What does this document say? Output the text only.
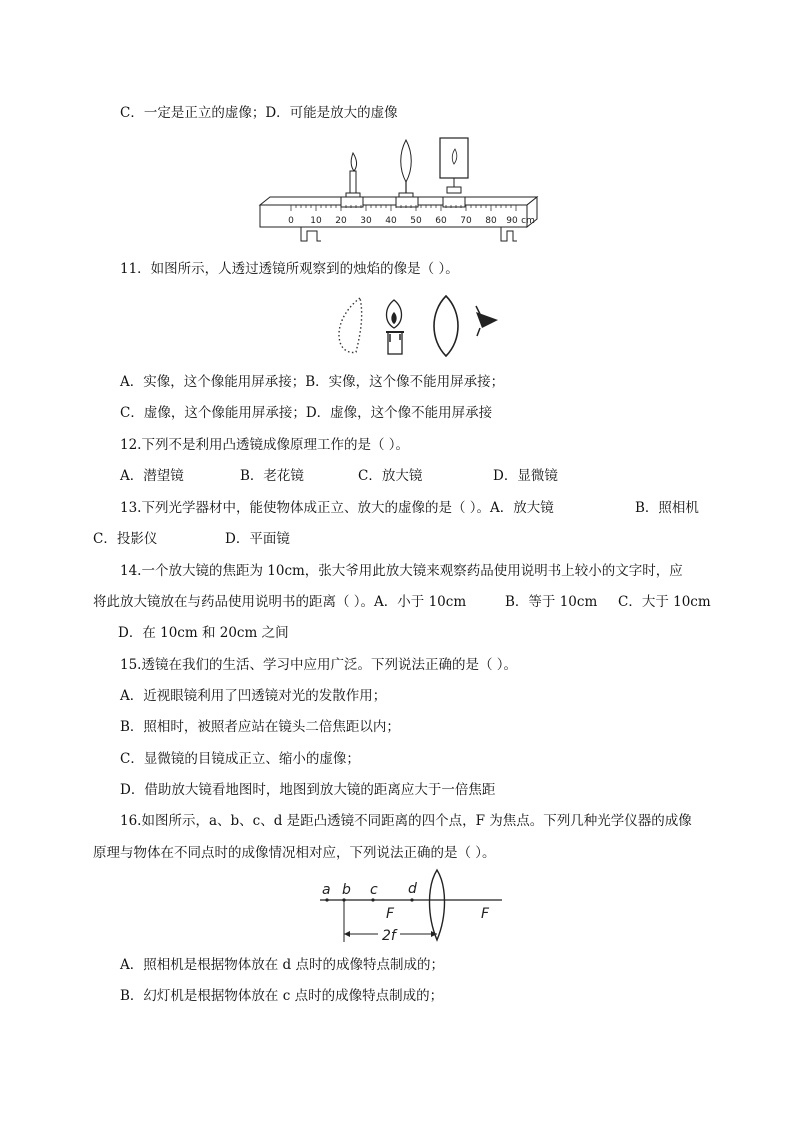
C．一定是正立的虚像；D．可能是放大的虚像
0 10 20 30 40 50 60 70 80 90 cm
11．如图所示，人透过透镜所观察到的烛焰的像是（ ）。
A．实像，这个像能用屏承接；B．实像，这个像不能用屏承接；
C．虚像，这个像能用屏承接；D．虚像，这个像不能用屏承接
12.下列不是利用凸透镜成像原理工作的是（ ）。
A．潜望镜	B．老花镜	C．放大镜	D．显微镜
13.下列光学器材中，能使物体成正立、放大的虚像的是（ ）。A．放大镜	B．照相机
C．投影仪	D．平面镜
14.一个放大镜的焦距为 10cm，张大爷用此放大镜来观察药品使用说明书上较小的文字时，应
将此放大镜放在与药品使用说明书的距离（ ）。A．小于 10cm	B．等于 10cm C．大于 10cm
D．在 10cm 和 20cm 之间
15.透镜在我们的生活、学习中应用广泛。下列说法正确的是（ ）。
A．近视眼镜利用了凹透镜对光的发散作用；
B．照相时，被照者应站在镜头二倍焦距以内；
C．显微镜的目镜成正立、缩小的虚像；
D．借助放大镜看地图时，地图到放大镜的距离应大于一倍焦距
16.如图所示，a、b、c、d 是距凸透镜不同距离的四个点，F 为焦点。下列几种光学仪器的成像
原理与物体在不同点时的成像情况相对应，下列说法正确的是（ ）。
a b c d
F	F
2f
A．照相机是根据物体放在 d 点时的成像特点制成的；
B．幻灯机是根据物体放在 c 点时的成像特点制成的；
